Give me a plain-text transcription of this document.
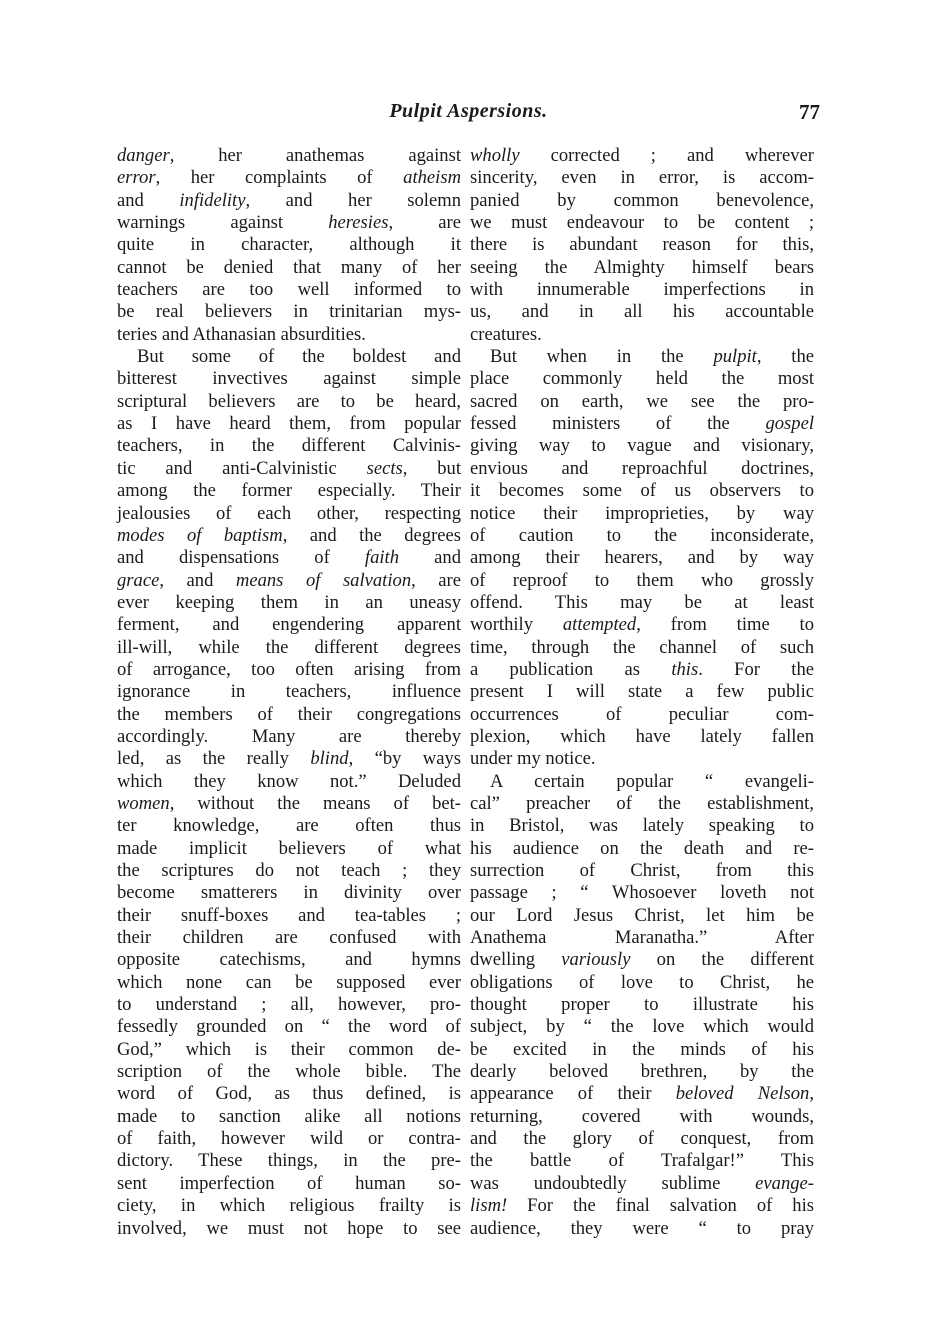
Pulpit Aspersions.	77
danger, her anathemas against
error, her complaints of atheism
and infidelity, and her solemn
warnings against heresies, are
quite in character, although it
cannot be denied that many of her
teachers are too well informed to
be real believers in trinitarian mys-
teries and Athanasian absurdities.
But some of the boldest and
bitterest invectives against simple
scriptural believers are to be heard,
as I have heard them, from popular
teachers, in the different Calvinis-
tic and anti-Calvinistic sects, but
among the former especially. Their
jealousies of each other, respecting
modes of baptism, and the degrees
and dispensations of faith and
grace, and means of salvation, are
ever keeping them in an uneasy
ferment, and engendering apparent
ill-will, while the different degrees
of arrogance, too often arising from
ignorance in teachers, influence
the members of their congregations
accordingly. Many are thereby
led, as the really blind, “by ways
which they know not.” Deluded
women, without the means of bet-
ter knowledge, are often thus
made implicit believers of what
the scriptures do not teach ; they
become smatterers in divinity over
their snuff-boxes and tea-tables ;
their children are confused with
opposite catechisms, and hymns
which none can be supposed ever
to understand ; all, however, pro-
fessedly grounded on “ the word of
God,” which is their common de-
scription of the whole bible. The
word of God, as thus defined, is
made to sanction alike all notions
of faith, however wild or contra-
dictory. These things, in the pre-
sent imperfection of human so-
ciety, in which religious frailty is
involved, we must not hope to see
wholly corrected ; and wherever
sincerity, even in error, is accom-
panied by common benevolence,
we must endeavour to be content ;
there is abundant reason for this,
seeing the Almighty himself bears
with innumerable imperfections in
us, and in all his accountable
creatures.
But when in the pulpit, the
place commonly held the most
sacred on earth, we see the pro-
fessed ministers of the gospel
giving way to vague and visionary,
envious and reproachful doctrines,
it becomes some of us observers to
notice their improprieties, by way
of caution to the inconsiderate,
among their hearers, and by way
of reproof to them who grossly
offend. This may be at least
worthily attempted, from time to
time, through the channel of such
a publication as this. For the
present I will state a few public
occurrences of peculiar com-
plexion, which have lately fallen
under my notice.
A certain popular “ evangeli-
cal” preacher of the establishment,
in Bristol, was lately speaking to
his audience on the death and re-
surrection of Christ, from this
passage ; “ Whosoever loveth not
our Lord Jesus Christ, let him be
Anathema Maranatha.” After
dwelling variously on the different
obligations of love to Christ, he
thought proper to illustrate his
subject, by “ the love which would
be excited in the minds of his
dearly beloved brethren, by the
appearance of their beloved Nelson,
returning, covered with wounds,
and the glory of conquest, from
the battle of Trafalgar!” This
was undoubtedly sublime evange-
lism! For the final salvation of his
audience, they were “ to pray
